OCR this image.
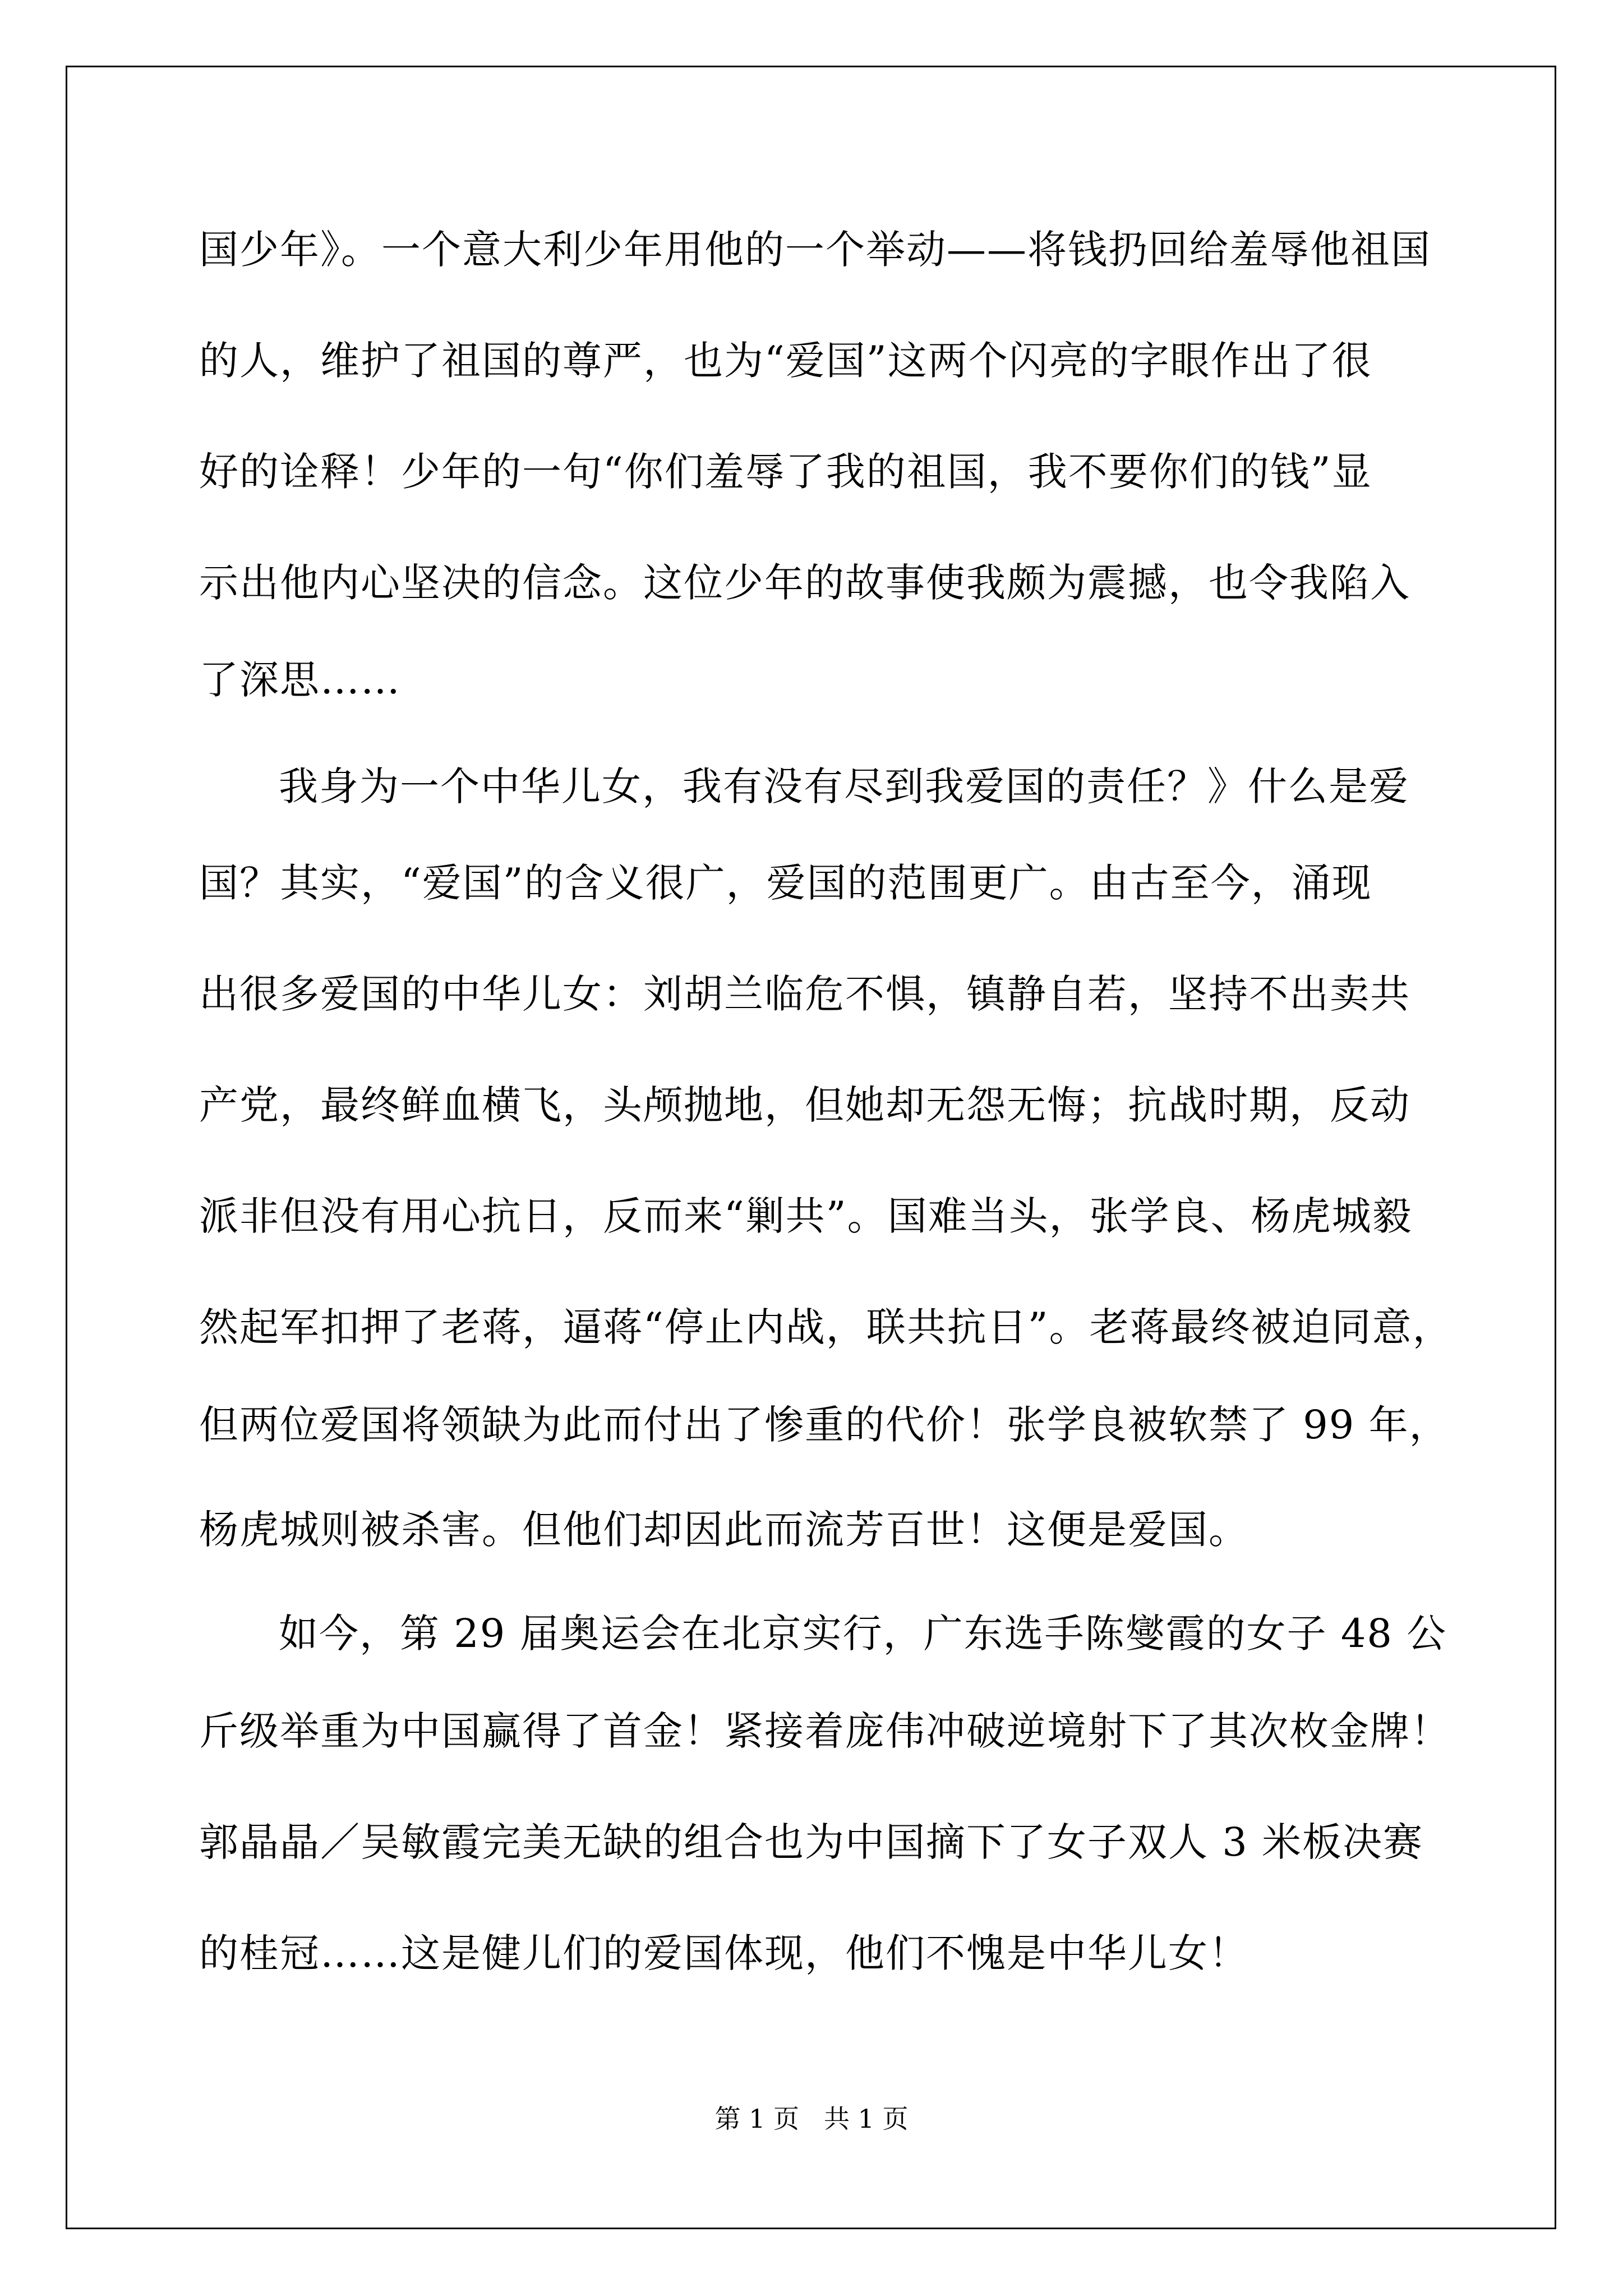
国少年》。一个意大利少年用他的一个举动——将钱扔回给羞辱他祖国
的人，维护了祖国的尊严，也为“爱国”这两个闪亮的字眼作出了很
好的诠释！少年的一句“你们羞辱了我的祖国，我不要你们的钱”显
示出他内心坚决的信念。这位少年的故事使我颇为震撼，也令我陷入
了深思……
我身为一个中华儿女，我有没有尽到我爱国的责任？》什么是爱
国？其实，“爱国”的含义很广，爱国的范围更广。由古至今，涌现
出很多爱国的中华儿女：刘胡兰临危不惧，镇静自若，坚持不出卖共
产党，最终鲜血横飞，头颅抛地，但她却无怨无悔；抗战时期，反动
派非但没有用心抗日，反而来“剿共”。国难当头，张学良、杨虎城毅
然起军扣押了老蒋，逼蒋“停止内战，联共抗日”。老蒋最终被迫同意，
但两位爱国将领缺为此而付出了惨重的代价！张学良被软禁了 99 年，
杨虎城则被杀害。但他们却因此而流芳百世！这便是爱国。
如今，第 29 届奥运会在北京实行，广东选手陈燮霞的女子 48 公
斤级举重为中国赢得了首金！紧接着庞伟冲破逆境射下了其次枚金牌！
郭晶晶／吴敏霞完美无缺的组合也为中国摘下了女子双人 3 米板决赛
的桂冠……这是健儿们的爱国体现，他们不愧是中华儿女！
第 1 页 共 1 页
